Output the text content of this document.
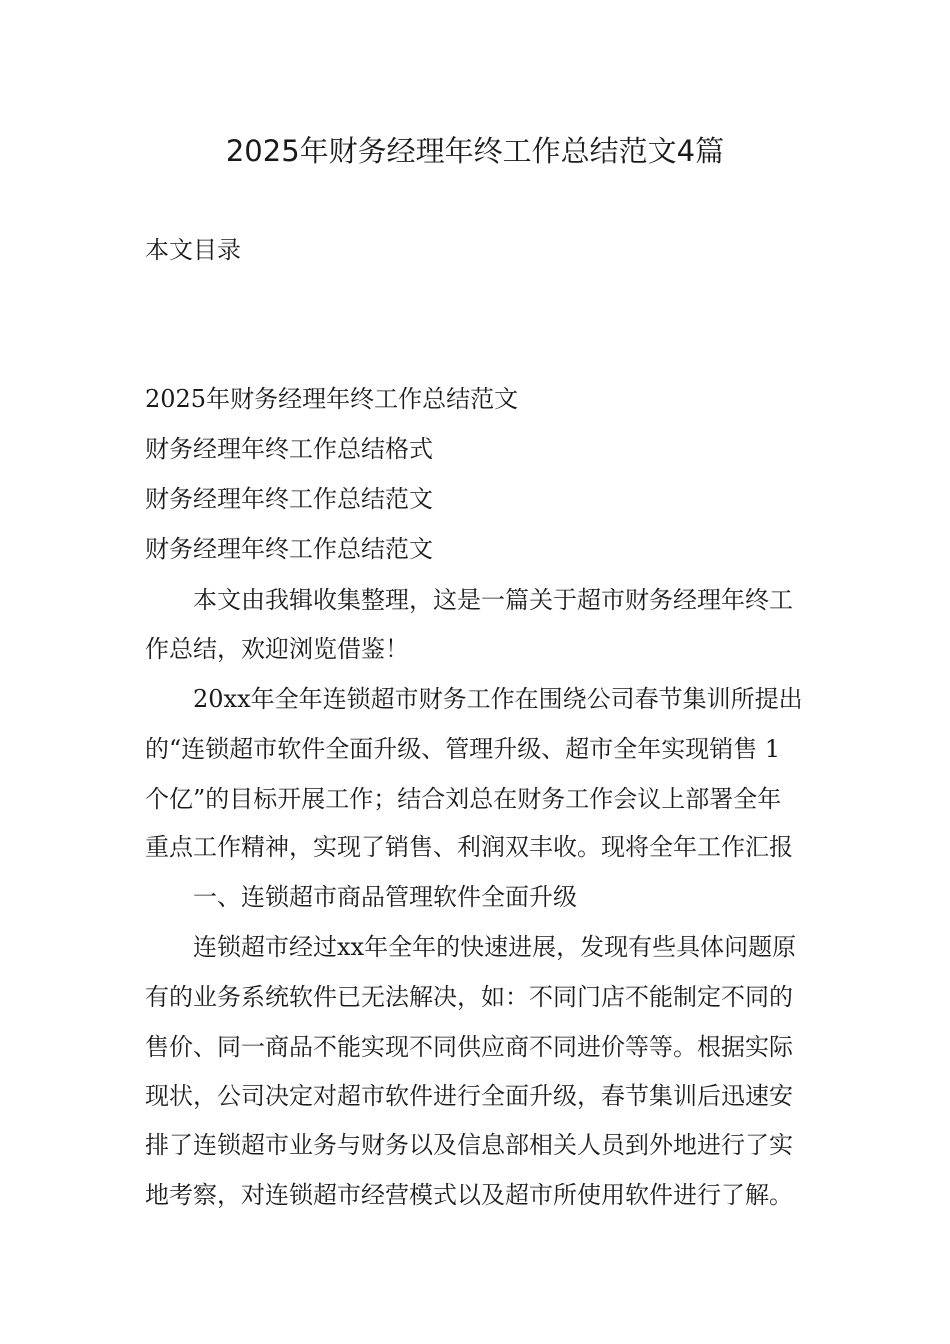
2025年财务经理年终工作总结范文4篇
本文目录
2025年财务经理年终工作总结范文
财务经理年终工作总结格式
财务经理年终工作总结范文
财务经理年终工作总结范文
本文由我辑收集整理，这是一篇关于超市财务经理年终工
作总结，欢迎浏览借鉴！
20xx年全年连锁超市财务工作在围绕公司春节集训所提出
的“连锁超市软件全面升级、管理升级、超市全年实现销售 1
个亿”的目标开展工作；结合刘总在财务工作会议上部署全年
重点工作精神，实现了销售、利润双丰收。现将全年工作汇报
一、连锁超市商品管理软件全面升级
连锁超市经过xx年全年的快速进展，发现有些具体问题原
有的业务系统软件已无法解决，如：不同门店不能制定不同的
售价、同一商品不能实现不同供应商不同进价等等。根据实际
现状，公司决定对超市软件进行全面升级，春节集训后迅速安
排了连锁超市业务与财务以及信息部相关人员到外地进行了实
地考察，对连锁超市经营模式以及超市所使用软件进行了解。
